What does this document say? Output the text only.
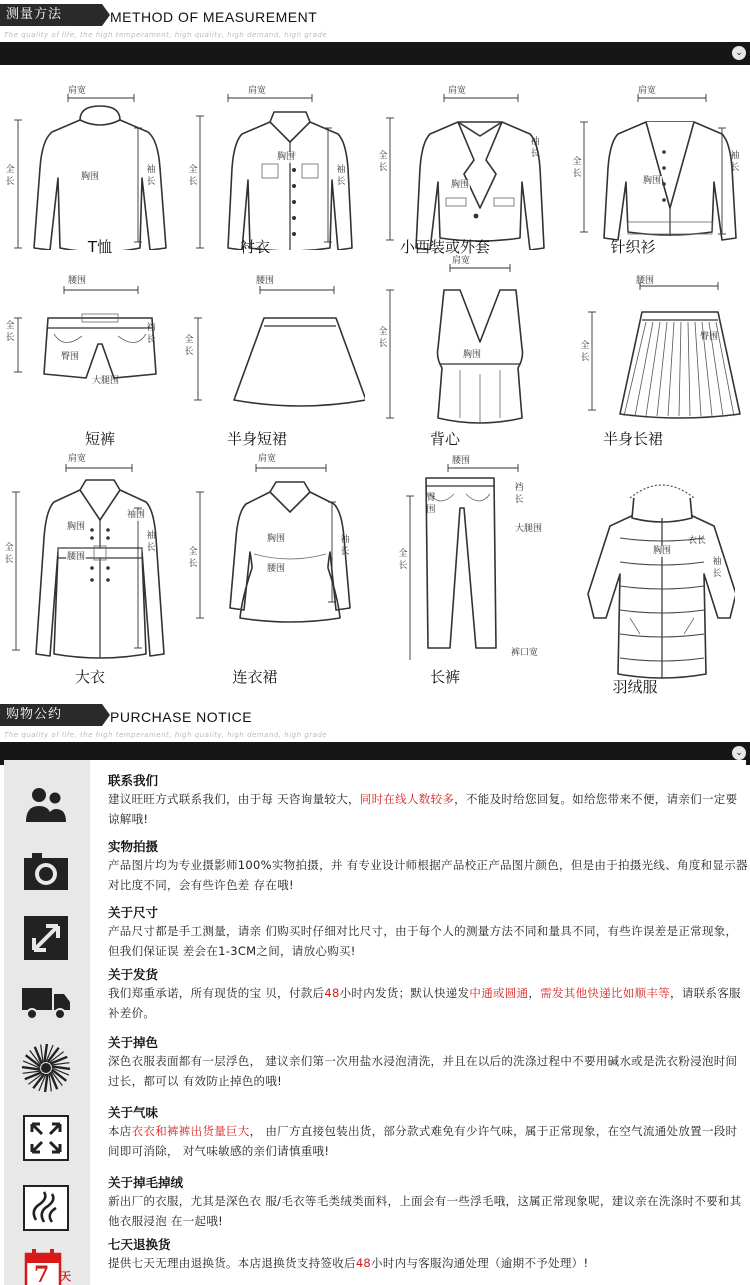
测量方法	METHOD OF MEASUREMENT
The quality of life, the high temperament, high quality, high demand, high grade
⌄
肩宽
全长	胸围
袖长
T恤
肩宽
全长
胸围
袖长
衬衣
肩宽
全长
胸围
袖长
小西装或外套
肩宽
全长
胸围
袖长
针织衫
腰围
全长
臀围
裆长
大腿围
短裤
腰围
全长
半身短裙
肩宽
全长
胸围
背心
腰围
全长
臀围
半身长裙
肩宽
全长
胸围
袖围
袖长
腰围
大衣
肩宽
全长
胸围
腰围
袖长
连衣裙
腰围
全长
臀围
裆长
大腿围
裤口宽
长裤
胸围
衣长
袖长
羽绒服
购物公约	PURCHASE NOTICE
The quality of life, the high temperament, high quality, high demand, high grade
⌄
联系我们
建议旺旺方式联系我们，由于每 天咨询量较大，同时在线人数较多，不能及时给您回复。如给您带来不便，请亲们一定要谅解哦!
实物拍摄
产品图片均为专业摄影师100%实物拍摄，并 有专业设计师根据产品校正产品图片颜色，但是由于拍摄光线、角度和显示器对比度不同，会有些许色差 存在哦!
关于尺寸
产品尺寸都是手工测量，请亲 们购买时仔细对比尺寸，由于每个人的测量方法不同和量具不同，有些许误差是正常现象，但我们保证误 差会在1-3CM之间，请放心购买!
关于发货
我们郑重承诺，所有现货的宝 贝，付款后48小时内发货；默认快递发中通或圆通，需发其他快递比如顺丰等，请联系客服补差价。
关于掉色
深色衣服表面都有一层浮色， 建议亲们第一次用盐水浸泡清洗，并且在以后的洗涤过程中不要用碱水或是洗衣粉浸泡时间过长，都可以 有效防止掉色的哦!
关于气味
本店衣衣和裤裤出货量巨大， 由厂方直接包装出货，部分款式难免有少许气味，属于正常现象，在空气流通处放置一段时间即可消除， 对气味敏感的亲们请慎重哦!
关于掉毛掉绒
新出厂的衣服，尤其是深色衣 服/毛衣等毛类绒类面料，上面会有一些浮毛哦，这属正常现象呢，建议亲在洗涤时不要和其他衣服浸泡 在一起哦!
7 天
七天退换货
提供七天无理由退换货。本店退换货支持签收后48小时内与客服沟通处理（逾期不予处理）!
